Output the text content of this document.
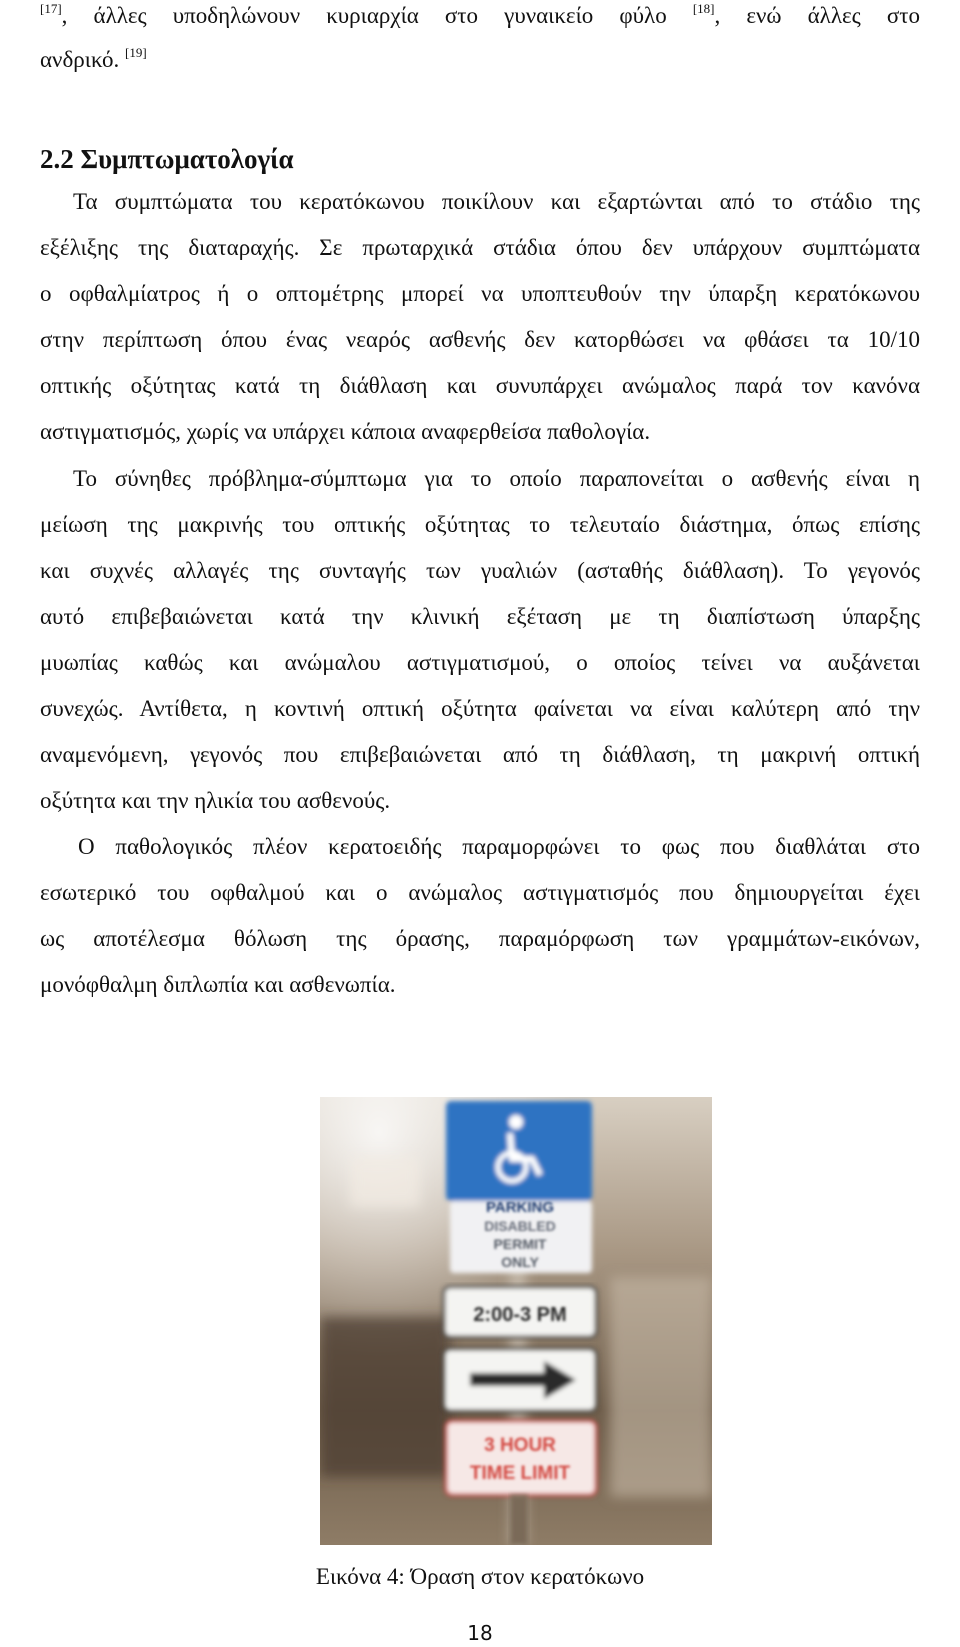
[17], άλλες υποδηλώνουν κυριαρχία στο γυναικείο φύλο [18], ενώ άλλες στο
ανδρικό. [19]
2.2 Συμπτωματολογία
Τα συμπτώματα του κερατόκωνου ποικίλουν και εξαρτώνται από το στάδιο της
εξέλιξης της διαταραχής. Σε πρωταρχικά στάδια όπου δεν υπάρχουν συμπτώματα
ο οφθαλμίατρος ή ο οπτομέτρης μπορεί να υποπτευθούν την ύπαρξη κερατόκωνου
στην περίπτωση όπου ένας νεαρός ασθενής δεν κατορθώσει να φθάσει τα 10/10
οπτικής οξύτητας κατά τη διάθλαση και συνυπάρχει ανώμαλος παρά τον κανόνα
αστιγματισμός, χωρίς να υπάρχει κάποια αναφερθείσα παθολογία.
Το σύνηθες πρόβλημα-σύμπτωμα για το οποίο παραπονείται ο ασθενής είναι η
μείωση της μακρινής του οπτικής οξύτητας το τελευταίο διάστημα, όπως επίσης
και συχνές αλλαγές της συνταγής των γυαλιών (ασταθής διάθλαση). Το γεγονός
αυτό επιβεβαιώνεται κατά την κλινική εξέταση με τη διαπίστωση ύπαρξης
μυωπίας καθώς και ανώμαλου αστιγματισμού, ο οποίος τείνει να αυξάνεται
συνεχώς. Αντίθετα, η κοντινή οπτική οξύτητα φαίνεται να είναι καλύτερη από την
αναμενόμενη, γεγονός που επιβεβαιώνεται από τη διάθλαση, τη μακρινή οπτική
οξύτητα και την ηλικία του ασθενούς.
Ο παθολογικός πλέον κερατοειδής παραμορφώνει το φως που διαθλάται στο
εσωτερικό του οφθαλμού και ο ανώμαλος αστιγματισμός που δημιουργείται έχει
ως αποτέλεσμα θόλωση της όρασης, παραμόρφωση των γραμμάτων-εικόνων,
μονόφθαλμη διπλωπία και ασθενωπία.
PARKING
DISABLED
PERMIT
ONLY
2:00-3 PM
3 HOUR
TIME LIMIT
Εικόνα 4: Όραση στον κερατόκωνο
18
